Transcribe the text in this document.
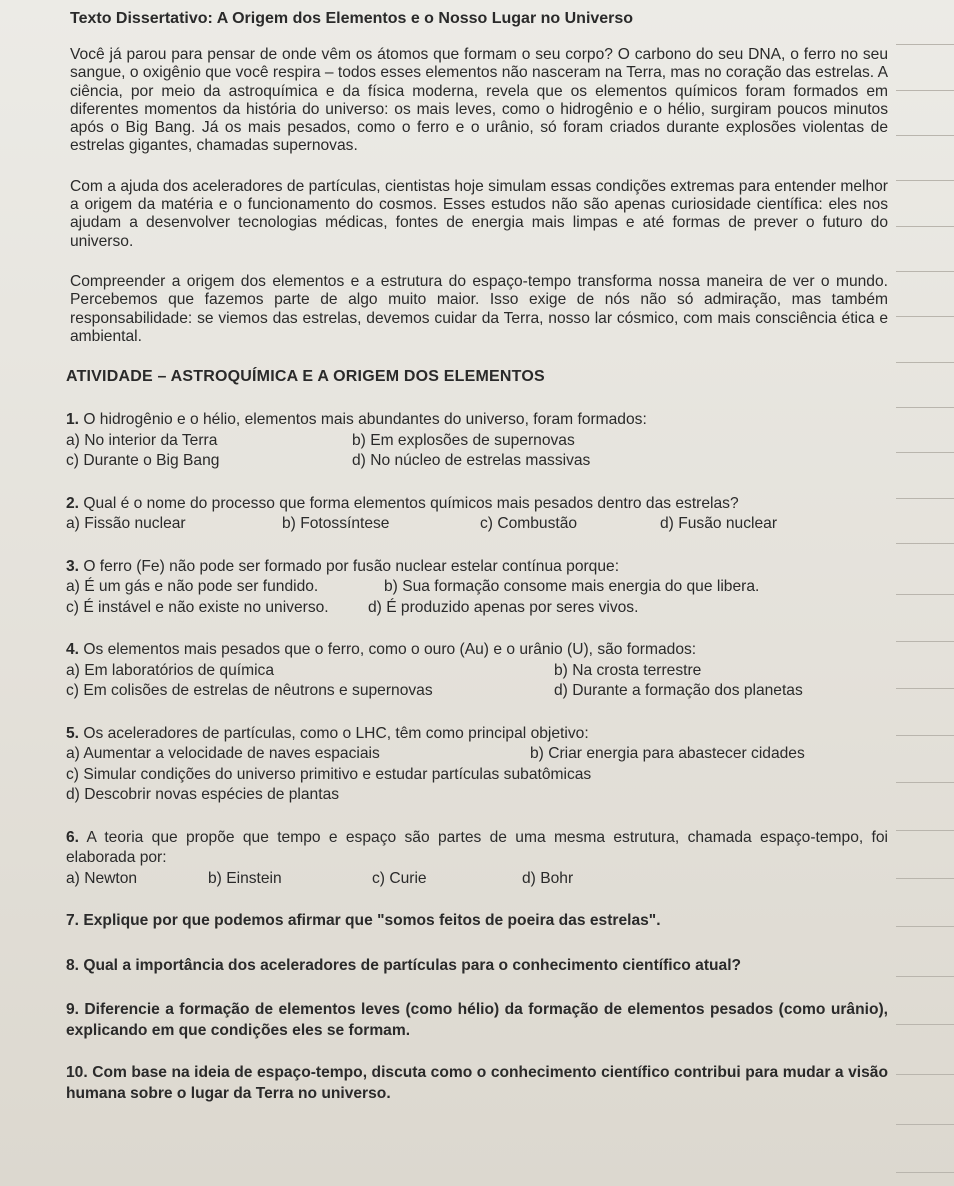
Texto Dissertativo: A Origem dos Elementos e o Nosso Lugar no Universo

Você já parou para pensar de onde vêm os átomos que formam o seu corpo? O carbono do seu DNA, o ferro no seu sangue, o oxigênio que você respira – todos esses elementos não nasceram na Terra, mas no coração das estrelas. A ciência, por meio da astroquímica e da física moderna, revela que os elementos químicos foram formados em diferentes momentos da história do universo: os mais leves, como o hidrogênio e o hélio, surgiram poucos minutos após o Big Bang. Já os mais pesados, como o ferro e o urânio, só foram criados durante explosões violentas de estrelas gigantes, chamadas supernovas.

Com a ajuda dos aceleradores de partículas, cientistas hoje simulam essas condições extremas para entender melhor a origem da matéria e o funcionamento do cosmos. Esses estudos não são apenas curiosidade científica: eles nos ajudam a desenvolver tecnologias médicas, fontes de energia mais limpas e até formas de prever o futuro do universo.

Compreender a origem dos elementos e a estrutura do espaço-tempo transforma nossa maneira de ver o mundo. Percebemos que fazemos parte de algo muito maior. Isso exige de nós não só admiração, mas também responsabilidade: se viemos das estrelas, devemos cuidar da Terra, nosso lar cósmico, com mais consciência ética e ambiental.

ATIVIDADE – ASTROQUÍMICA E A ORIGEM DOS ELEMENTOS
1. O hidrogênio e o hélio, elementos mais abundantes do universo, foram formados:
a) No interior da Terra	b) Em explosões de supernovas
c) Durante o Big Bang	d) No núcleo de estrelas massivas
2. Qual é o nome do processo que forma elementos químicos mais pesados dentro das estrelas?
a) Fissão nuclear	b) Fotossíntese	c) Combustão	d) Fusão nuclear
3. O ferro (Fe) não pode ser formado por fusão nuclear estelar contínua porque:
a) É um gás e não pode ser fundido.	b) Sua formação consome mais energia do que libera.
c) É instável e não existe no universo.	d) É produzido apenas por seres vivos.
4. Os elementos mais pesados que o ferro, como o ouro (Au) e o urânio (U), são formados:
a) Em laboratórios de química	b) Na crosta terrestre
c) Em colisões de estrelas de nêutrons e supernovas	d) Durante a formação dos planetas
5. Os aceleradores de partículas, como o LHC, têm como principal objetivo:
a) Aumentar a velocidade de naves espaciais	b) Criar energia para abastecer cidades
c) Simular condições do universo primitivo e estudar partículas subatômicas
d) Descobrir novas espécies de plantas
6. A teoria que propõe que tempo e espaço são partes de uma mesma estrutura, chamada espaço-tempo, foi elaborada por:
a) Newton	b) Einstein	c) Curie	d) Bohr
7. Explique por que podemos afirmar que "somos feitos de poeira das estrelas".
8. Qual a importância dos aceleradores de partículas para o conhecimento científico atual?
9. Diferencie a formação de elementos leves (como hélio) da formação de elementos pesados (como urânio), explicando em que condições eles se formam.
10. Com base na ideia de espaço-tempo, discuta como o conhecimento científico contribui para mudar a visão humana sobre o lugar da Terra no universo.
